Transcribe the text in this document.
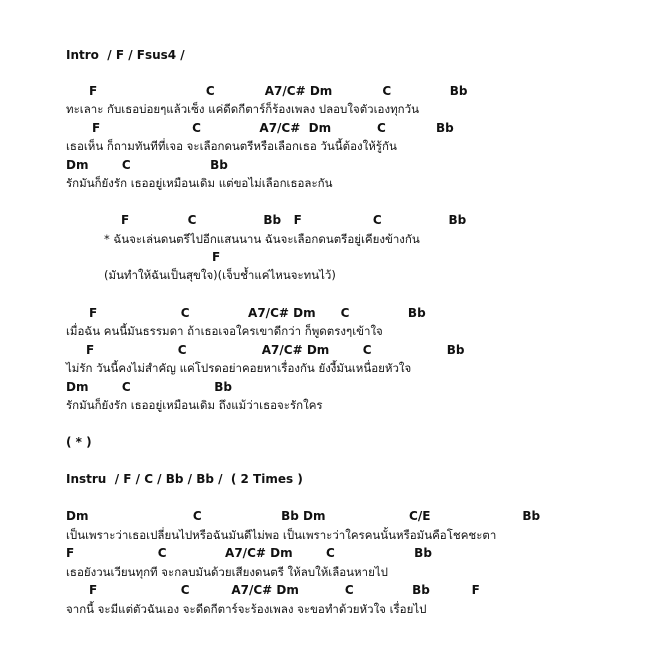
Intro  / F / Fsus4 /
F                          C            A7/C# Dm            C              Bb
ทะเลาะ กับเธอบ่อยๆแล้วเซ็ง แค่ดีดกีตาร์ก็ร้องเพลง ปลอบใจตัวเองทุกวัน
F                      C              A7/C#  Dm           C            Bb
เธอเห็น ก็ถามทันทีที่เจอ จะเลือกดนตรีหรือเลือกเธอ วันนี้ต้องให้รู้กัน
Dm        C                   Bb
รักมันก็ยังรัก เธออยู่เหมือนเดิม แต่ขอไม่เลือกเธอละกัน
F              C                Bb   F                 C                Bb
* ฉันจะเล่นดนตรีไปอีกแสนนาน ฉันจะเลือกดนตรีอยู่เคียงข้างกัน
F
(มันทำให้ฉันเป็นสุขใจ)(เจ็บช้ำแค่ไหนจะทนไว้)
F                    C              A7/C# Dm      C              Bb
เมื่อฉัน คนนี้มันธรรมดา ถ้าเธอเจอใครเขาดีกว่า ก็พูดตรงๆเข้าใจ
F                    C                  A7/C# Dm        C                  Bb
ไม่รัก วันนี้คงไม่สำคัญ แค่โปรดอย่าคอยหาเรื่องกัน ยังงี้มันเหนื่อยหัวใจ
Dm        C                    Bb
รักมันก็ยังรัก เธออยู่เหมือนเดิม ถึงแม้ว่าเธอจะรักใคร
( * )
Instru  / F / C / Bb / Bb /  ( 2 Times )
Dm                         C                   Bb Dm                    C/E                      Bb
เป็นเพราะว่าเธอเปลี่ยนไปหรือฉันมันดีไม่พอ เป็นเพราะว่าใครคนนั้นหรือมันคือโชคชะตา
F                    C              A7/C# Dm        C                   Bb
เธอยังวนเวียนทุกที จะกลบมันด้วยเสียงดนตรี ให้ลบให้เลือนหายไป
F                    C          A7/C# Dm           C              Bb          F
จากนี้ จะมีแต่ตัวฉันเอง จะดีดกีตาร์จะร้องเพลง จะขอทำด้วยหัวใจ เรื่อยไป
